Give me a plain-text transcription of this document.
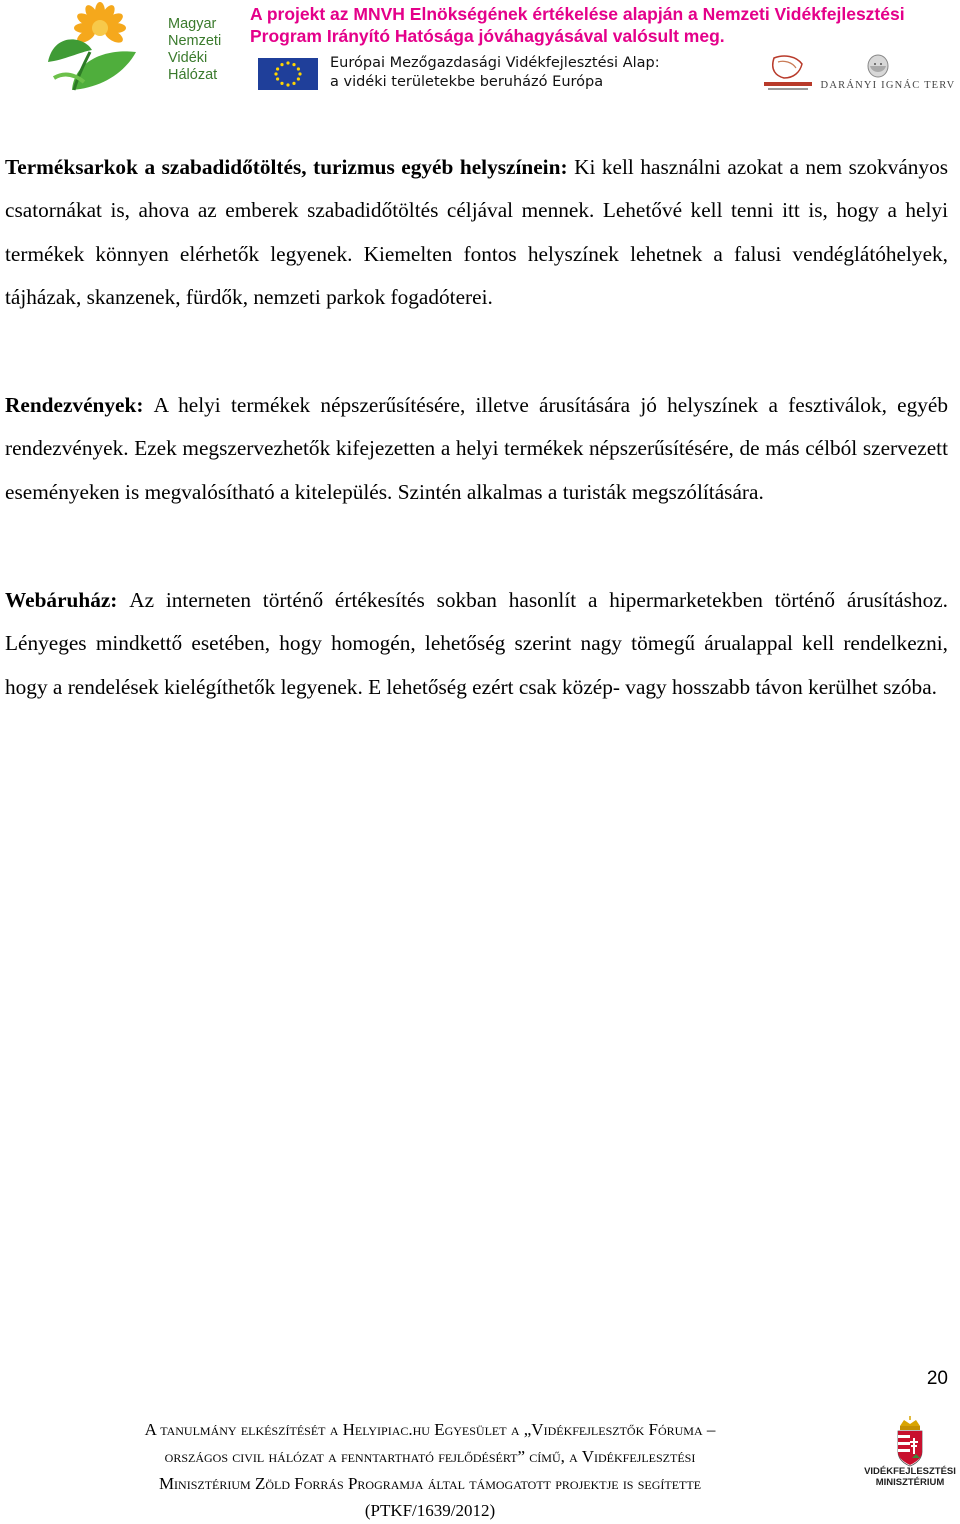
Magyar
Nemzeti
Vidéki
Hálózat
A projekt az MNVH Elnökségének értékelése alapján a Nemzeti Vidékfejlesztési
Program Irányító Hatósága jóváhagyásával valósult meg.
Európai Mezőgazdasági Vidékfejlesztési Alap:
a vidéki területekbe beruházó Európa	DARÁNYI IGNÁC TERV

Terméksarkok a szabadidőtöltés, turizmus egyéb helyszínein: Ki kell használni azokat a nem szokványos csatornákat is, ahova az emberek szabadidőtöltés céljával mennek. Lehetővé kell tenni itt is, hogy a helyi termékek könnyen elérhetők legyenek. Kiemelten fontos helyszínek lehetnek a falusi vendéglátóhelyek, tájházak, skanzenek, fürdők, nemzeti parkok fogadóterei.

Rendezvények: A helyi termékek népszerűsítésére, illetve árusítására jó helyszínek a fesztiválok, egyéb rendezvények. Ezek megszervezhetők kifejezetten a helyi termékek népszerűsítésére, de más célból szervezett eseményeken is megvalósítható a kitelepülés. Szintén alkalmas a turisták megszólítására.

Webáruház: Az interneten történő értékesítés sokban hasonlít a hipermarketekben történő árusításhoz. Lényeges mindkettő esetében, hogy homogén, lehetőség szerint nagy tömegű árualappal kell rendelkezni, hogy a rendelések kielégíthetők legyenek. E lehetőség ezért csak közép- vagy hosszabb távon kerülhet szóba.

20
A tanulmány elkészítését a Helyipiac.hu Egyesület a „Vidékfejlesztők Fóruma –
országos civil hálózat a fenntartható fejlődésért” című, a Vidékfejlesztési
Minisztérium Zöld Forrás Programja által támogatott projektje is segítette
(PTKF/1639/2012)
VIDÉKFEJLESZTÉSI
MINISZTÉRIUM
